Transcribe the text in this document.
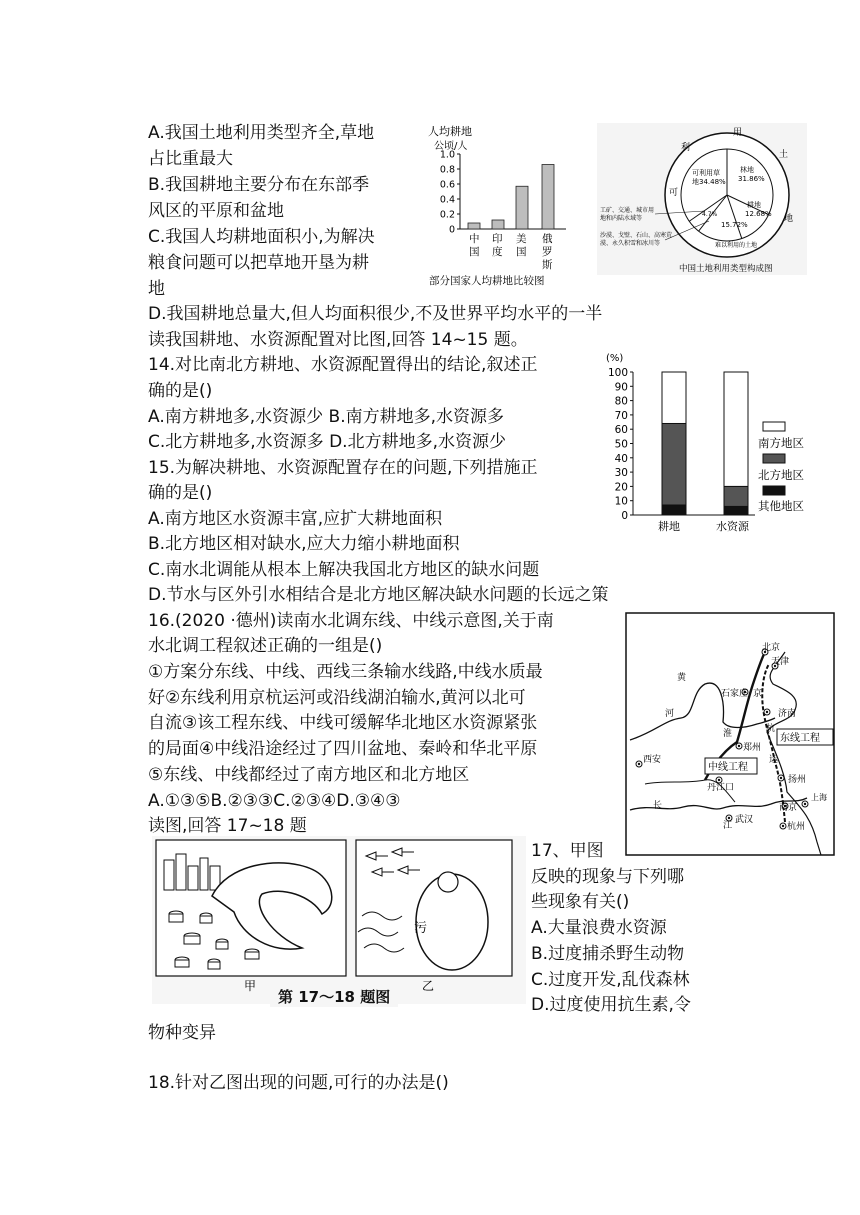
A.我国土地利用类型齐全,草地
占比重最大
B.我国耕地主要分布在东部季
风区的平原和盆地
C.我国人均耕地面积小,为解决
粮食问题可以把草地开垦为耕
地
D.我国耕地总量大,但人均面积很少,不及世界平均水平的一半
读我国耕地、水资源配置对比图,回答 14~15 题。
14.对比南北方耕地、水资源配置得出的结论,叙述正
确的是()
A.南方耕地多,水资源少 B.南方耕地多,水资源多
C.北方耕地多,水资源多 D.北方耕地多,水资源少
15.为解决耕地、水资源配置存在的问题,下列措施正
确的是()
A.南方地区水资源丰富,应扩大耕地面积
B.北方地区相对缺水,应大力缩小耕地面积
C.南水北调能从根本上解决我国北方地区的缺水问题
D.节水与区外引水相结合是北方地区解决缺水问题的长远之策
16.(2020 ·德州)读南水北调东线、中线示意图,关于南
水北调工程叙述正确的一组是()
①方案分东线、中线、西线三条输水线路,中线水质最
好②东线利用京杭运河或沿线湖泊输水,黄河以北可
自流③该工程东线、中线可缓解华北地区水资源紧张
的局面④中线沿途经过了四川盆地、秦岭和华北平原
⑤东线、中线都经过了南方地区和北方地区
A.①③⑤B.②③③C.②③④D.③④③
读图,回答 17~18 题
17、甲图
反映的现象与下列哪
些现象有关()
A.大量浪费水资源
B.过度捕杀野生动物
C.过度开发,乱伐森林
D.过度使用抗生素,令
物种变异
18.针对乙图出现的问题,可行的办法是()
人均耕地
公顷/人
0
0.2
0.4
0.6
0.8
1.0
中国
印度
美国
俄罗斯
部分国家人均耕地比较图
利
用
土
地
可
可利用草
地34.48%
林地
31.86%
耕地
12.68%
15.72%
4.7%
工矿、交通、城市用
地和内陆水域等
沙漠、戈壁、石山、高寒荒
漠、永久积雪和冰川等	难以利用的土地
中国土地利用类型构成图
(%)
0
10
20
30
40
50
60
70
80
90
100
耕地	水资源
南方地区
北方地区
其他地区
北京
天津
石家庄
济南
郑州
西安
丹江口
武汉
南京
上海
杭州
扬州
黄
河
京
杭
运
淮
长
江
东线工程
中线工程
甲
污
乙
第 17～18 题图
